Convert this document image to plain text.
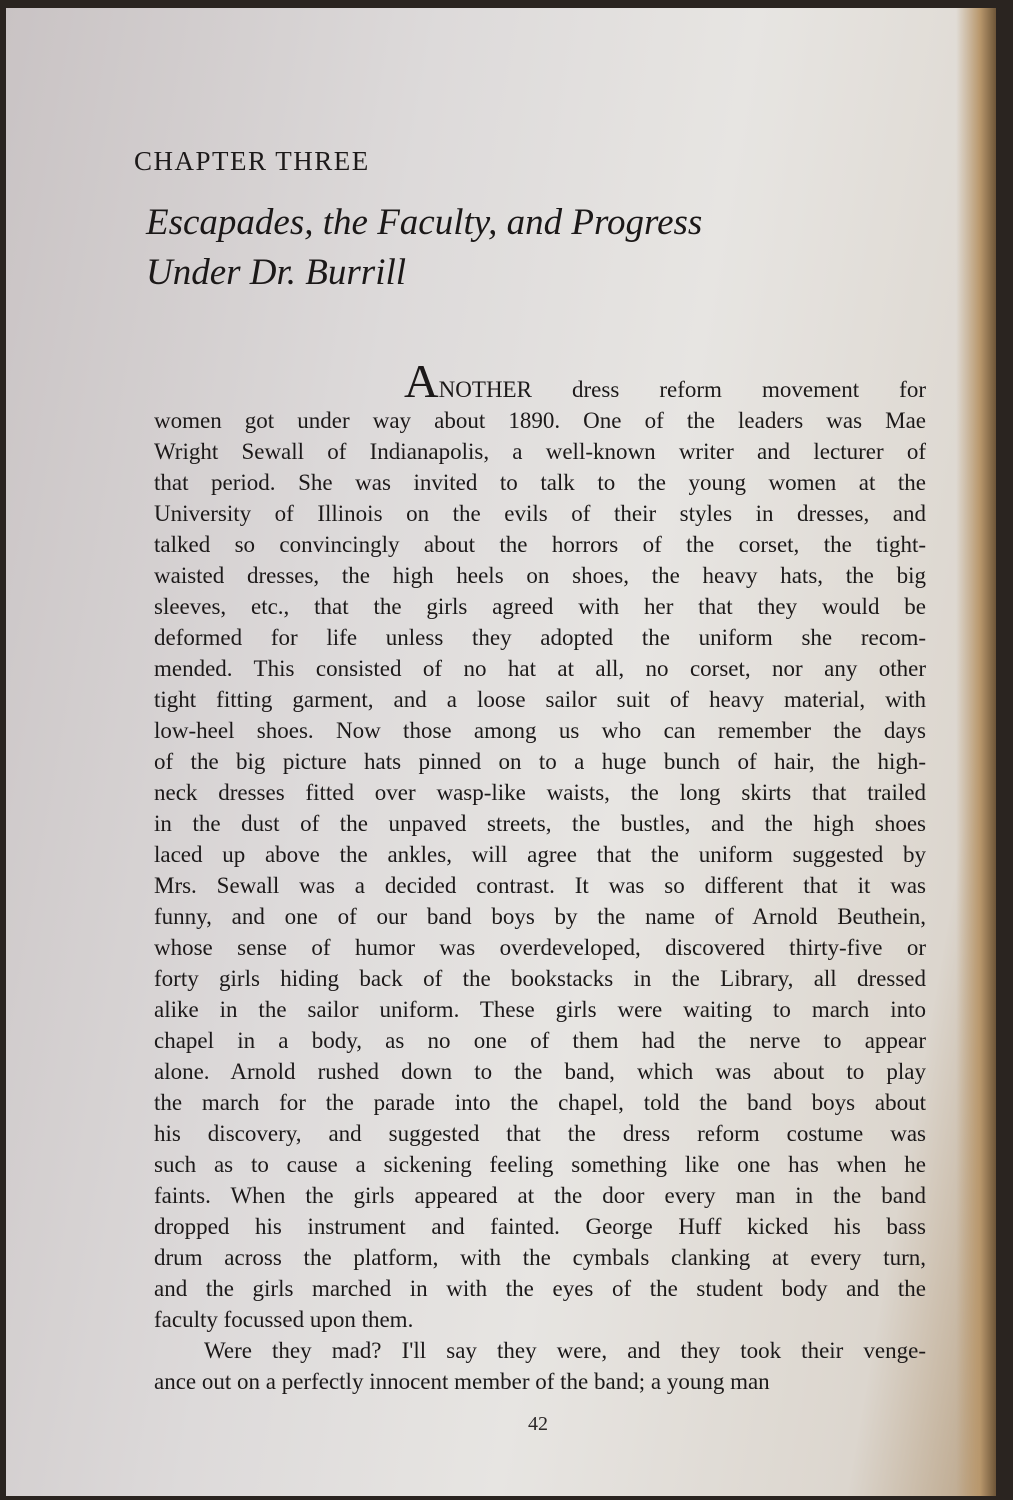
CHAPTER THREE
Escapades, the Faculty, and Progress
Under Dr. Burrill
ANOTHER dress reform movement for
women got under way about 1890. One of the leaders was Mae
Wright Sewall of Indianapolis, a well-known writer and lecturer of
that period. She was invited to talk to the young women at the
University of Illinois on the evils of their styles in dresses, and
talked so convincingly about the horrors of the corset, the tight-
waisted dresses, the high heels on shoes, the heavy hats, the big
sleeves, etc., that the girls agreed with her that they would be
deformed for life unless they adopted the uniform she recom-
mended. This consisted of no hat at all, no corset, nor any other
tight fitting garment, and a loose sailor suit of heavy material, with
low-heel shoes. Now those among us who can remember the days
of the big picture hats pinned on to a huge bunch of hair, the high-
neck dresses fitted over wasp-like waists, the long skirts that trailed
in the dust of the unpaved streets, the bustles, and the high shoes
laced up above the ankles, will agree that the uniform suggested by
Mrs. Sewall was a decided contrast. It was so different that it was
funny, and one of our band boys by the name of Arnold Beuthein,
whose sense of humor was overdeveloped, discovered thirty-five or
forty girls hiding back of the bookstacks in the Library, all dressed
alike in the sailor uniform. These girls were waiting to march into
chapel in a body, as no one of them had the nerve to appear
alone. Arnold rushed down to the band, which was about to play
the march for the parade into the chapel, told the band boys about
his discovery, and suggested that the dress reform costume was
such as to cause a sickening feeling something like one has when he
faints. When the girls appeared at the door every man in the band
dropped his instrument and fainted. George Huff kicked his bass
drum across the platform, with the cymbals clanking at every turn,
and the girls marched in with the eyes of the student body and the
faculty focussed upon them.
Were they mad? I'll say they were, and they took their venge-
ance out on a perfectly innocent member of the band; a young man
42
